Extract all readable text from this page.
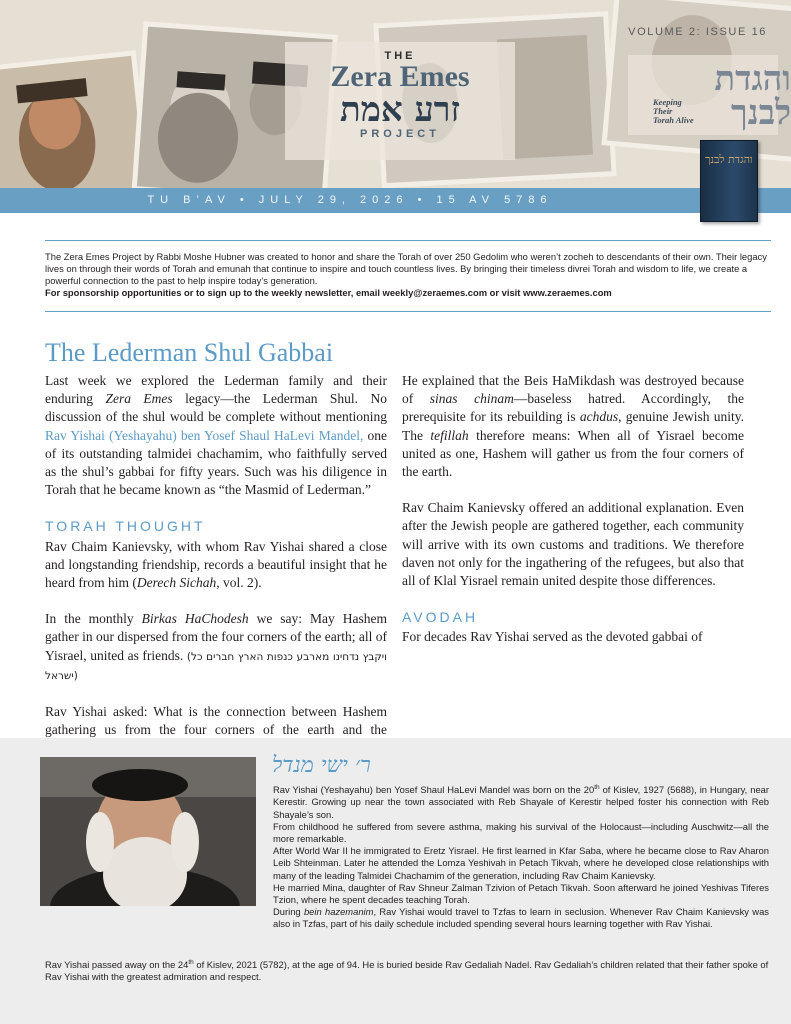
VOLUME 2: ISSUE 16
THE
Zera Emes
זרע אמת
PROJECT
והגדת לבנך
Keeping
Their
Torah Alive
TU B’AV • JULY 29, 2026 • 15 AV 5786
והגדת לבנך
The Zera Emes Project by Rabbi Moshe Hubner was created to honor and share the Torah of over 250 Gedolim who weren’t zocheh to descendants of their own. Their legacy lives on through their words of Torah and emunah that continue to inspire and touch countless lives. By bringing their timeless divrei Torah and wisdom to life, we create a powerful connection to the past to help inspire today’s generation.
For sponsorship opportunities or to sign up to the weekly newsletter, email weekly@zeraemes.com or visit www.zeraemes.com
The Lederman Shul Gabbai

Last week we explored the Lederman family and their enduring Zera Emes legacy—the Lederman Shul. No discussion of the shul would be complete without mentioning Rav Yishai (Yeshayahu) ben Yosef Shaul HaLevi Mandel, one of its outstanding talmidei chachamim, who faithfully served as the shul’s gabbai for fifty years. Such was his diligence in Torah that he became known as “the Masmid of Lederman.”

TORAH THOUGHT

Rav Chaim Kanievsky, with whom Rav Yishai shared a close and longstanding friendship, records a beautiful insight that he heard from him (Derech Sichah, vol. 2).

In the monthly Birkas HaChodesh we say: May Hashem gather in our dispersed from the four corners of the earth; all of Yisrael, united as friends. (ויקבץ נדחינו מארבע כנפות הארץ חברים כל ישראל)

Rav Yishai asked: What is the connection between Hashem gathering us from the four corners of the earth and the

He explained that the Beis HaMikdash was destroyed because of sinas chinam—baseless hatred. Accordingly, the prerequisite for its rebuilding is achdus, genuine Jewish unity. The tefillah therefore means: When all of Yisrael become united as one, Hashem will gather us from the four corners of the earth.

Rav Chaim Kanievsky offered an additional explanation. Even after the Jewish people are gathered together, each community will arrive with its own customs and traditions. We therefore daven not only for the ingathering of the refugees, but also that all of Klal Yisrael remain united despite those differences.

AVODAH

For decades Rav Yishai served as the devoted gabbai of

ר׳ ישי מנדל

Rav Yishai (Yeshayahu) ben Yosef Shaul HaLevi Mandel was born on the 20th of Kislev, 1927 (5688), in Hungary, near Kerestir. Growing up near the town associated with Reb Shayale of Kerestir helped foster his connection with Reb Shayale’s son.

From childhood he suffered from severe asthma, making his survival of the Holocaust—including Auschwitz—all the more remarkable.

After World War II he immigrated to Eretz Yisrael. He first learned in Kfar Saba, where he became close to Rav Aharon Leib Shteinman. Later he attended the Lomza Yeshivah in Petach Tikvah, where he developed close relationships with many of the leading Talmidei Chachamim of the generation, including Rav Chaim Kanievsky.

He married Mina, daughter of Rav Shneur Zalman Tzivion of Petach Tikvah. Soon afterward he joined Yeshivas Tiferes Tzion, where he spent decades teaching Torah.

During bein hazemanim, Rav Yishai would travel to Tzfas to learn in seclusion. Whenever Rav Chaim Kanievsky was also in Tzfas, part of his daily schedule included spending several hours learning together with Rav Yishai.

Rav Yishai passed away on the 24th of Kislev, 2021 (5782), at the age of 94. He is buried beside Rav Gedaliah Nadel. Rav Gedaliah’s children related that their father spoke of Rav Yishai with the greatest admiration and respect.
